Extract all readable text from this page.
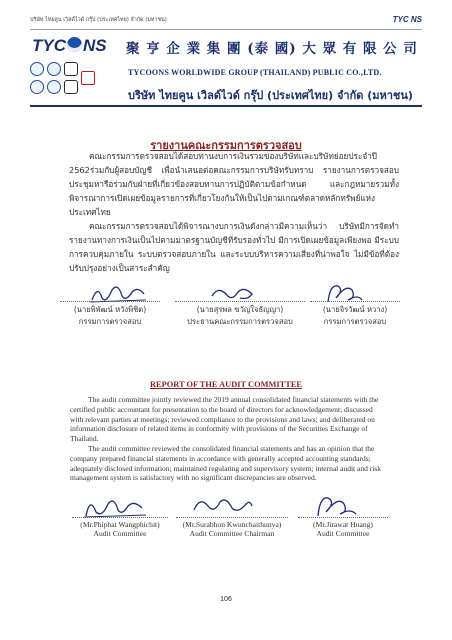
บริษัท ไทยลูน เวิลด์ไวด์ กรุ๊ป (ประเทศไทย) จำกัด (มหาชน)	TYC NS
TYC NS	聚 亨 企 業 集 團 (泰 國) 大 眾 有 限 公 司
TYCOONS WORLDWIDE GROUP (THAILAND) PUBLIC CO.,LTD.
บริษัท ไทยคูน เวิลด์ไวด์ กรุ๊ป (ประเทศไทย) จำกัด (มหาชน)
รายงานคณะกรรมการตรวจสอบ

คณะกรรมการตรวจสอบได้สอบทานงบการเงินรวมของบริษัทและบริษัทย่อยประจำปี 2562ร่วมกับผู้สอบบัญชี เพื่อนำเสนอต่อคณะกรรมการบริษัทรับทราบ รายงานการตรวจสอบ ประชุมหารือร่วมกับฝ่ายที่เกี่ยวข้องสอบทานการปฏิบัติตามข้อกำหนด และกฎหมายรวมทั้งพิจารณาการเปิดเผยข้อมูลรายการที่เกี่ยวโยงกันให้เป็นไปตามเกณฑ์ตลาดหลักทรัพย์แห่งประเทศไทย

คณะกรรมการตรวจสอบได้พิจารณางบการเงินดังกล่าวมีความเห็นว่า บริษัทมีการจัดทำรายงานทางการเงินเป็นไปตามมาตรฐานบัญชีที่รับรองทั่วไป มีการเปิดเผยข้อมูลเพียงพอ มีระบบการควบคุมภายใน ระบบตรวจสอบภายใน และระบบบริหารความเสี่ยงที่น่าพอใจ ไม่มีข้อที่ต้องปรับปรุงอย่างเป็นสาระสำคัญ

(นายพิพัฒน์ หวังพิชิต)
กรรมการตรวจสอบ
(นายสุรพล ขวัญใจธัญญา)
ประธานคณะกรรมการตรวจสอบ
(นายจิรวัฒน์ หวาง)
กรรมการตรวจสอบ
REPORT OF THE AUDIT COMMITTEE

The audit committee jointly reviewed the 2019 annual consolidated financial statements with the certified public accountant for presentation to the board of directors for acknowledgement; discussed with relevant parties at meetings; reviewed compliance to the provisions and laws; and deliberated on information disclosure of related items in conformity with provisions of the Securities Exchange of Thailand.

The audit committee reviewed the consolidated financial statements and has an opinion that the company prepared financial statements in accordance with generally accepted accounting standards; adequately disclosed information; maintained regulating and supervisory system; internal audit and risk management system is satisfactory with no significant discrepancies are observed.

(Mr.Phiphat Wangphichit)
Audit Committee
(Mr.Surabhon Kwunchaithunya)
Audit Committee Chairman
(Mr.Jirawat Huang)
Audit Committee
106
